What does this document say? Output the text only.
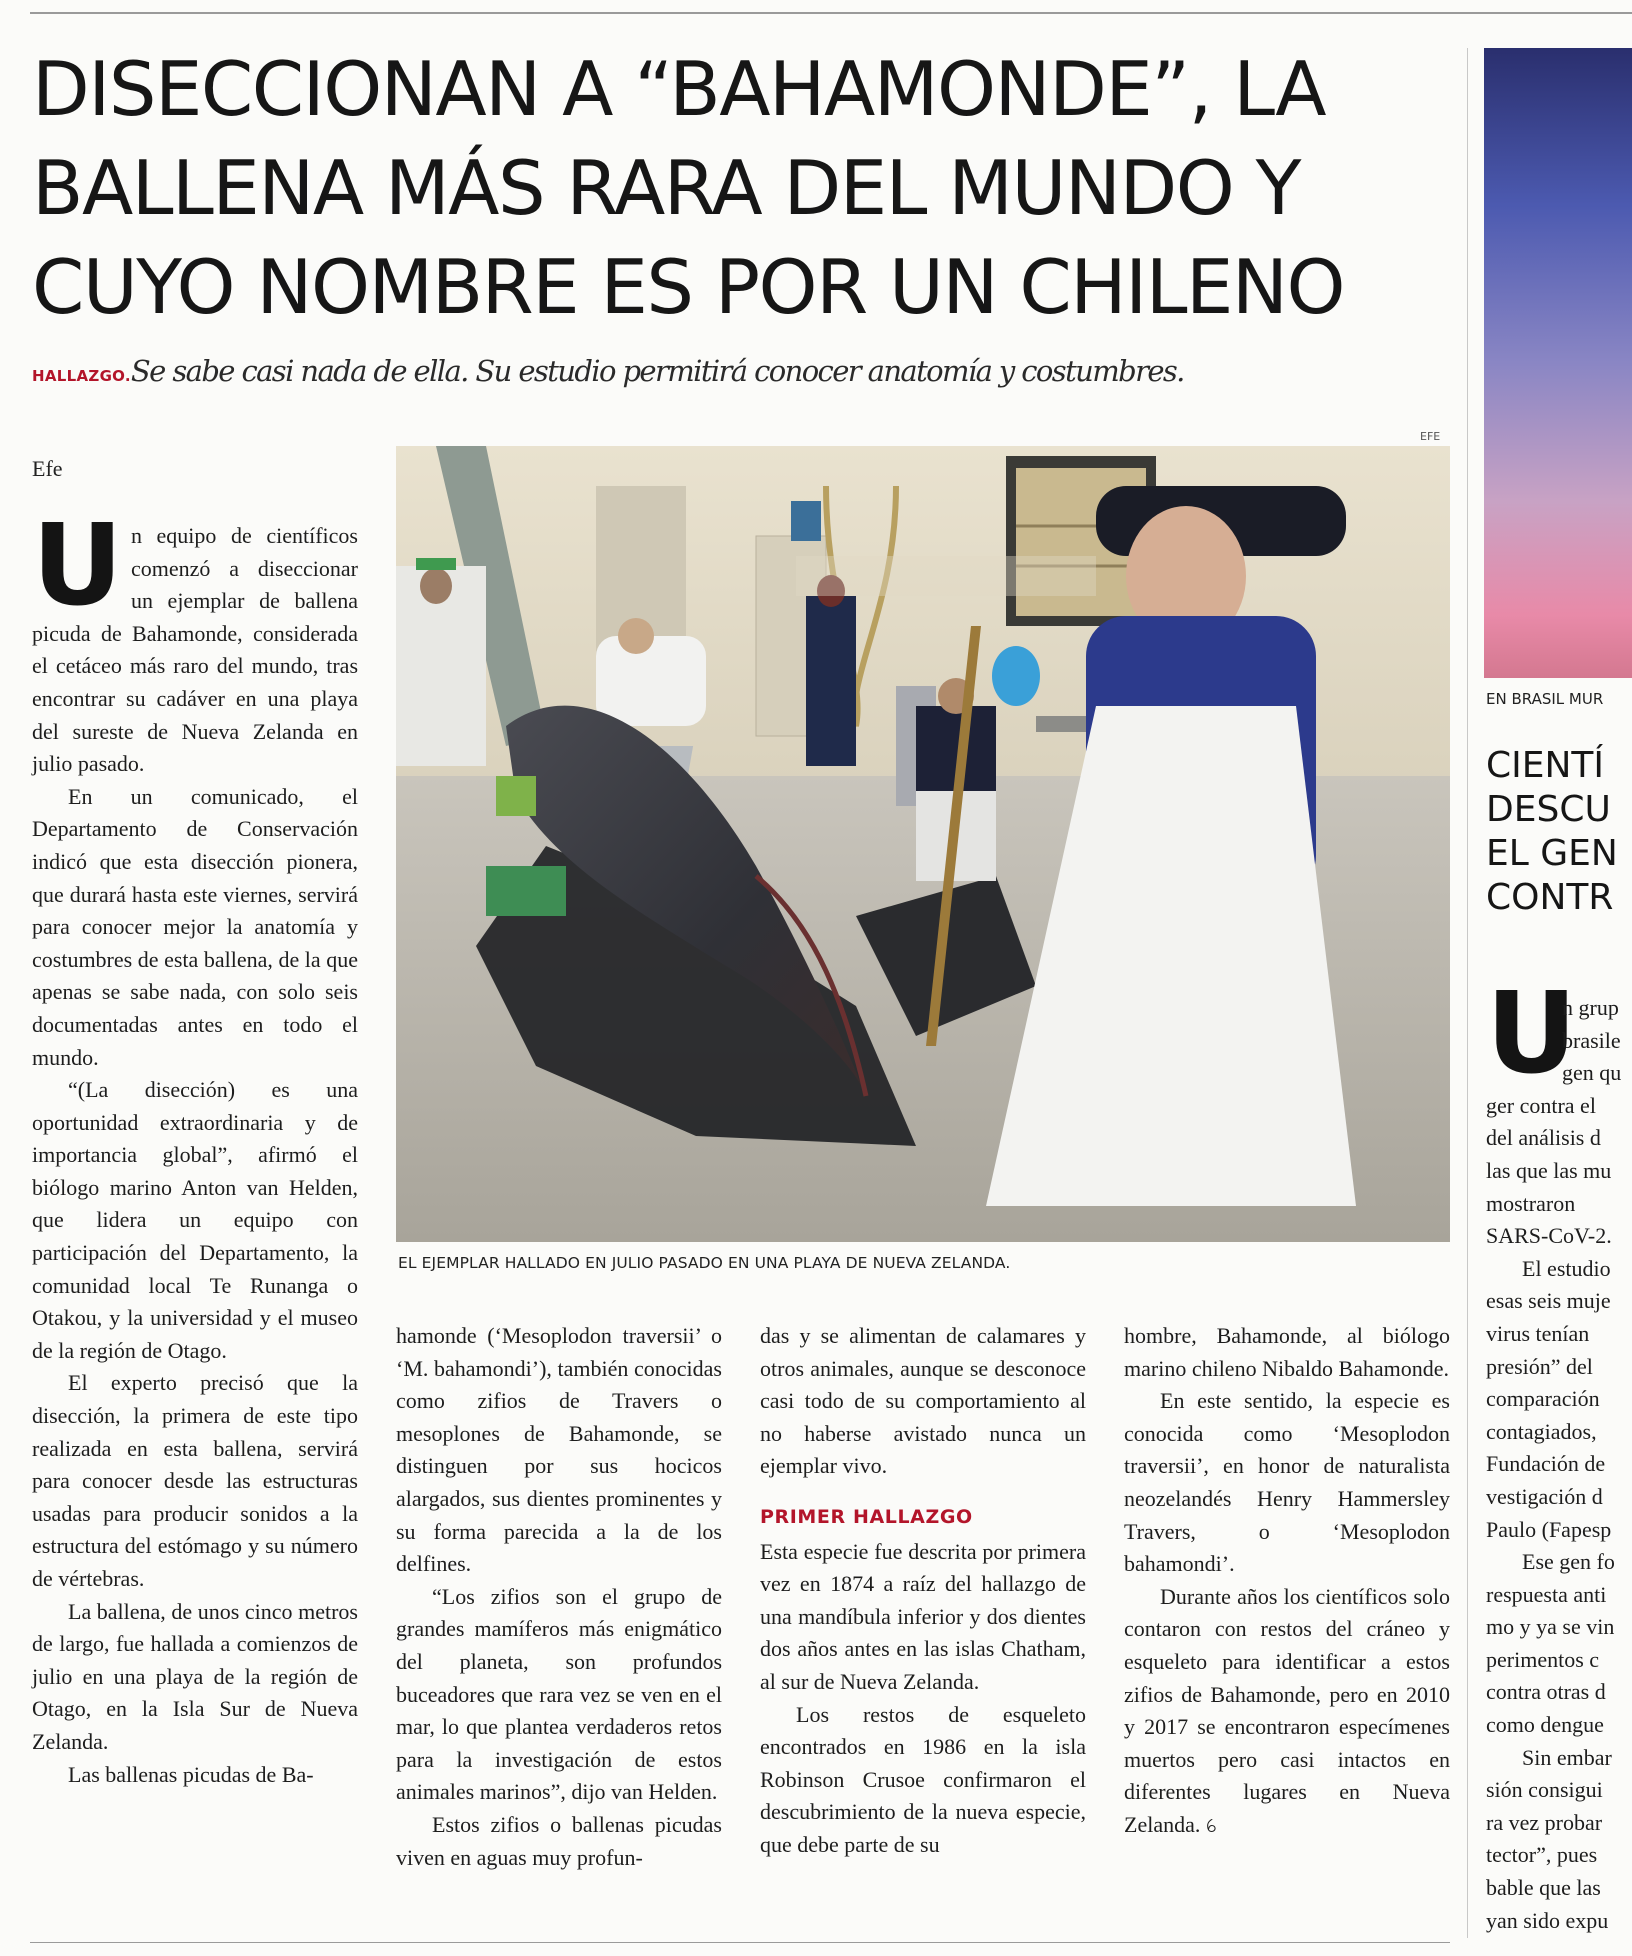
DISECCIONAN A “BAHAMONDE”, LA
BALLENA MÁS RARA DEL MUNDO Y
CUYO NOMBRE ES POR UN CHILENO
HALLAZGO.Se sabe casi nada de ella. Su estudio permitirá conocer anatomía y costumbres.
Efe
EFE
EL EJEMPLAR HALLADO EN JULIO PASADO EN UNA PLAYA DE NUEVA ZELANDA.
U n equipo de científicos comenzó a diseccionar un ejemplar de ballena picuda de Bahamonde, considerada el cetáceo más raro del mundo, tras encontrar su cadáver en una playa del sureste de Nueva Zelanda en julio pasado.

En un comunicado, el Departamento de Conservación indicó que esta disección pionera, que durará hasta este viernes, servirá para conocer mejor la anatomía y costumbres de esta ballena, de la que apenas se sabe nada, con solo seis documentadas antes en todo el mundo.

“(La disección) es una oportunidad extraordinaria y de importancia global”, afirmó el biólogo marino Anton van Helden, que lidera un equipo con participación del Departamento, la comunidad local Te Runanga o Otakou, y la universidad y el museo de la región de Otago.

El experto precisó que la disección, la primera de este tipo realizada en esta ballena, servirá para conocer desde las estructuras usadas para producir sonidos a la estructura del estómago y su número de vértebras.

La ballena, de unos cinco metros de largo, fue hallada a comienzos de julio en una playa de la región de Otago, en la Isla Sur de Nueva Zelanda.

Las ballenas picudas de Ba-

hamonde (‘Mesoplodon traversii’ o ‘M. bahamondi’), también conocidas como zifios de Travers o mesoplones de Bahamonde, se distinguen por sus hocicos alargados, sus dientes prominentes y su forma parecida a la de los delfines.

“Los zifios son el grupo de grandes mamíferos más enigmático del planeta, son profundos buceadores que rara vez se ven en el mar, lo que plantea verdaderos retos para la investigación de estos animales marinos”, dijo van Helden.

Estos zifios o ballenas picudas viven en aguas muy profun-

das y se alimentan de calamares y otros animales, aunque se desconoce casi todo de su comportamiento al no haberse avistado nunca un ejemplar vivo.

PRIMER HALLAZGO

Esta especie fue descrita por primera vez en 1874 a raíz del hallazgo de una mandíbula inferior y dos dientes dos años antes en las islas Chatham, al sur de Nueva Zelanda.

Los restos de esqueleto encontrados en 1986 en la isla Robinson Crusoe confirmaron el descubrimiento de la nueva especie, que debe parte de su

hombre, Bahamonde, al biólogo marino chileno Nibaldo Bahamonde.

En este sentido, la especie es conocida como ‘Mesoplodon traversii’, en honor de naturalista neozelandés Henry Hammersley Travers, o ‘Mesoplodon bahamondi’.

Durante años los científicos solo contaron con restos del cráneo y esqueleto para identificar a estos zifios de Bahamonde, pero en 2010 y 2017 se encontraron especímenes muertos pero casi intactos en diferentes lugares en Nueva Zelanda. ꕃ

EN BRASIL MUR
CIENTÍ
DESCU
EL GEN
CONTR
U
n grup
brasile
gen qu
ger contra el
del análisis d
las que las mu
mostraron
SARS-CoV-2.
El estudio
esas seis muje
virus tenían
presión” del
comparación
contagiados,
Fundación de
vestigación d
Paulo (Fapesp
Ese gen fo
respuesta anti
mo y ya se vin
perimentos c
contra otras d
como dengue
Sin embar
sión consigui
ra vez probar
tector”, pues
bable que las
yan sido expu
